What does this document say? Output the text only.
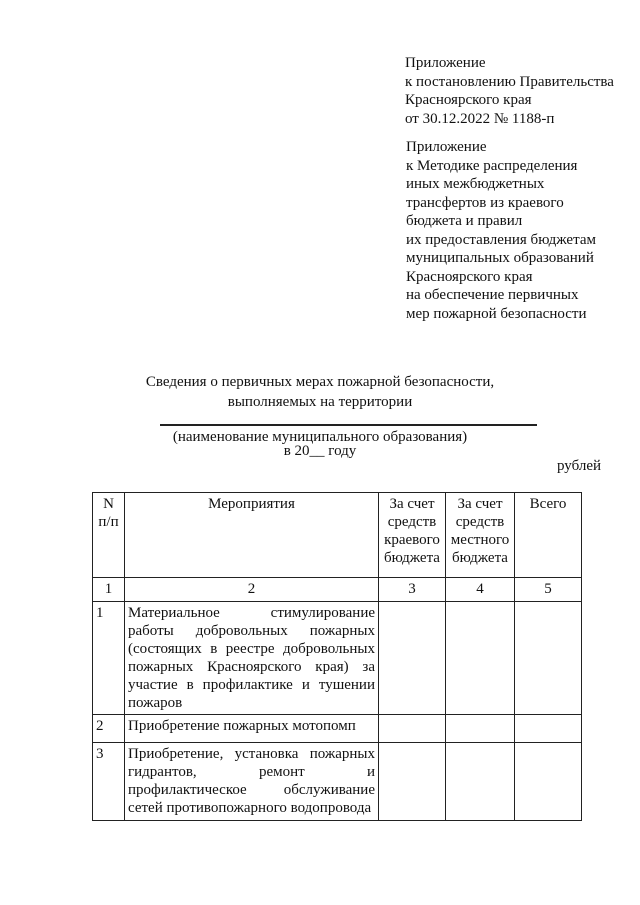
Приложение
к постановлению Правительства
Красноярского края
от 30.12.2022 № 1188-п
Приложение
к Методике распределения
иных межбюджетных
трансфертов из краевого
бюджета и правил
их предоставления бюджетам
муниципальных образований
Красноярского края
на обеспечение первичных
мер пожарной безопасности
Сведения о первичных мерах пожарной безопасности,
выполняемых на территории
(наименование муниципального образования)
в 20__ году
рублей
N п/п	Мероприятия	За счет средств краевого бюджета	За счет средств местного бюджета	Всего
1	2	3	4	5
1	Материальное стимулирование работы добровольных пожарных (состоящих в реестре добровольных пожарных Красноярского края) за участие в профилактике и тушении пожаров			
2	Приобретение пожарных мотопомп			
3	Приобретение, установка пожарных гидрантов, ремонт и профилактическое обслуживание сетей противопожарного водопровода			
